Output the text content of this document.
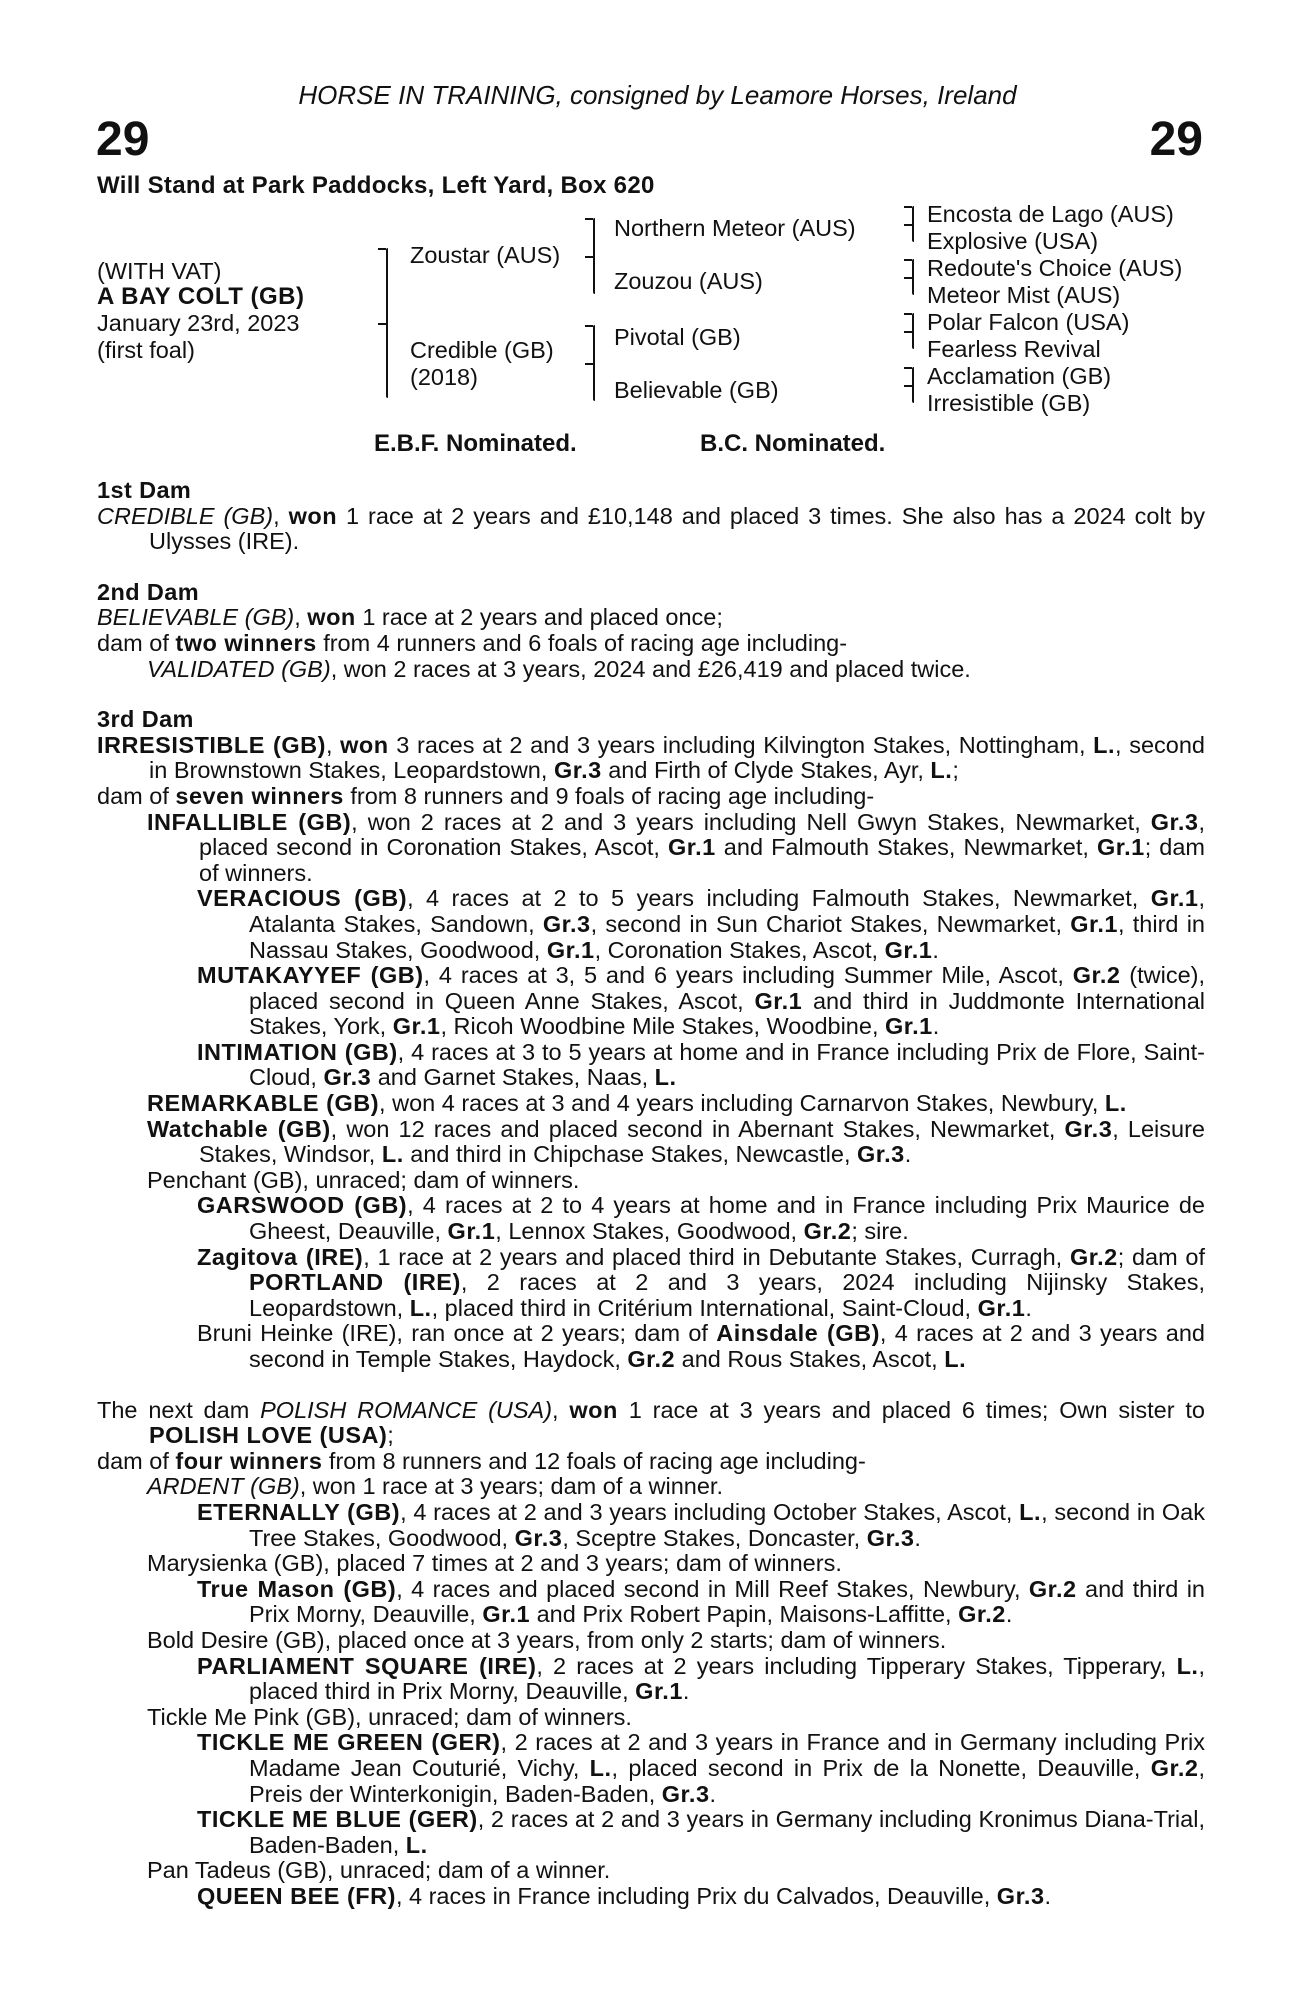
HORSE IN TRAINING, consigned by Leamore Horses, Ireland
29	29
Will Stand at Park Paddocks, Left Yard, Box 620
(WITH VAT)
A BAY COLT (GB)
January 23rd, 2023
(first foal)
Zoustar (AUS)
Credible (GB)
(2018)
Northern Meteor (AUS)
Zouzou (AUS)
Pivotal (GB)
Believable (GB)
Encosta de Lago (AUS)
Explosive (USA)
Redoute's Choice (AUS)
Meteor Mist (AUS)
Polar Falcon (USA)
Fearless Revival
Acclamation (GB)
Irresistible (GB)
E.B.F. Nominated.	B.C. Nominated.

1st Dam

CREDIBLE (GB), won 1 race at 2 years and £10,148 and placed 3 times. She also has a 2024 colt by Ulysses (IRE).

2nd Dam

BELIEVABLE (GB), won 1 race at 2 years and placed once;

dam of two winners from 4 runners and 6 foals of racing age including-

VALIDATED (GB), won 2 races at 3 years, 2024 and £26,419 and placed twice.

3rd Dam

IRRESISTIBLE (GB), won 3 races at 2 and 3 years including Kilvington Stakes, Nottingham, L., second in Brownstown Stakes, Leopardstown, Gr.3 and Firth of Clyde Stakes, Ayr, L.;

dam of seven winners from 8 runners and 9 foals of racing age including-

INFALLIBLE (GB), won 2 races at 2 and 3 years including Nell Gwyn Stakes, Newmarket, Gr.3, placed second in Coronation Stakes, Ascot, Gr.1 and Falmouth Stakes, Newmarket, Gr.1; dam of winners.

VERACIOUS (GB), 4 races at 2 to 5 years including Falmouth Stakes, Newmarket, Gr.1, Atalanta Stakes, Sandown, Gr.3, second in Sun Chariot Stakes, Newmarket, Gr.1, third in Nassau Stakes, Goodwood, Gr.1, Coronation Stakes, Ascot, Gr.1.

MUTAKAYYEF (GB), 4 races at 3, 5 and 6 years including Summer Mile, Ascot, Gr.2 (twice), placed second in Queen Anne Stakes, Ascot, Gr.1 and third in Juddmonte International Stakes, York, Gr.1, Ricoh Woodbine Mile Stakes, Woodbine, Gr.1.

INTIMATION (GB), 4 races at 3 to 5 years at home and in France including Prix de Flore, Saint-Cloud, Gr.3 and Garnet Stakes, Naas, L.

REMARKABLE (GB), won 4 races at 3 and 4 years including Carnarvon Stakes, Newbury, L.

Watchable (GB), won 12 races and placed second in Abernant Stakes, Newmarket, Gr.3, Leisure Stakes, Windsor, L. and third in Chipchase Stakes, Newcastle, Gr.3.

Penchant (GB), unraced; dam of winners.

GARSWOOD (GB), 4 races at 2 to 4 years at home and in France including Prix Maurice de Gheest, Deauville, Gr.1, Lennox Stakes, Goodwood, Gr.2; sire.

Zagitova (IRE), 1 race at 2 years and placed third in Debutante Stakes, Curragh, Gr.2; dam of PORTLAND (IRE), 2 races at 2 and 3 years, 2024 including Nijinsky Stakes, Leopardstown, L., placed third in Critérium International, Saint-Cloud, Gr.1.

Bruni Heinke (IRE), ran once at 2 years; dam of Ainsdale (GB), 4 races at 2 and 3 years and second in Temple Stakes, Haydock, Gr.2 and Rous Stakes, Ascot, L.

The next dam POLISH ROMANCE (USA), won 1 race at 3 years and placed 6 times; Own sister to POLISH LOVE (USA);

dam of four winners from 8 runners and 12 foals of racing age including-

ARDENT (GB), won 1 race at 3 years; dam of a winner.

ETERNALLY (GB), 4 races at 2 and 3 years including October Stakes, Ascot, L., second in Oak Tree Stakes, Goodwood, Gr.3, Sceptre Stakes, Doncaster, Gr.3.

Marysienka (GB), placed 7 times at 2 and 3 years; dam of winners.

True Mason (GB), 4 races and placed second in Mill Reef Stakes, Newbury, Gr.2 and third in Prix Morny, Deauville, Gr.1 and Prix Robert Papin, Maisons-Laffitte, Gr.2.

Bold Desire (GB), placed once at 3 years, from only 2 starts; dam of winners.

PARLIAMENT SQUARE (IRE), 2 races at 2 years including Tipperary Stakes, Tipperary, L., placed third in Prix Morny, Deauville, Gr.1.

Tickle Me Pink (GB), unraced; dam of winners.

TICKLE ME GREEN (GER), 2 races at 2 and 3 years in France and in Germany including Prix Madame Jean Couturié, Vichy, L., placed second in Prix de la Nonette, Deauville, Gr.2, Preis der Winterkonigin, Baden-Baden, Gr.3.

TICKLE ME BLUE (GER), 2 races at 2 and 3 years in Germany including Kronimus Diana-Trial, Baden-Baden, L.

Pan Tadeus (GB), unraced; dam of a winner.

QUEEN BEE (FR), 4 races in France including Prix du Calvados, Deauville, Gr.3.
